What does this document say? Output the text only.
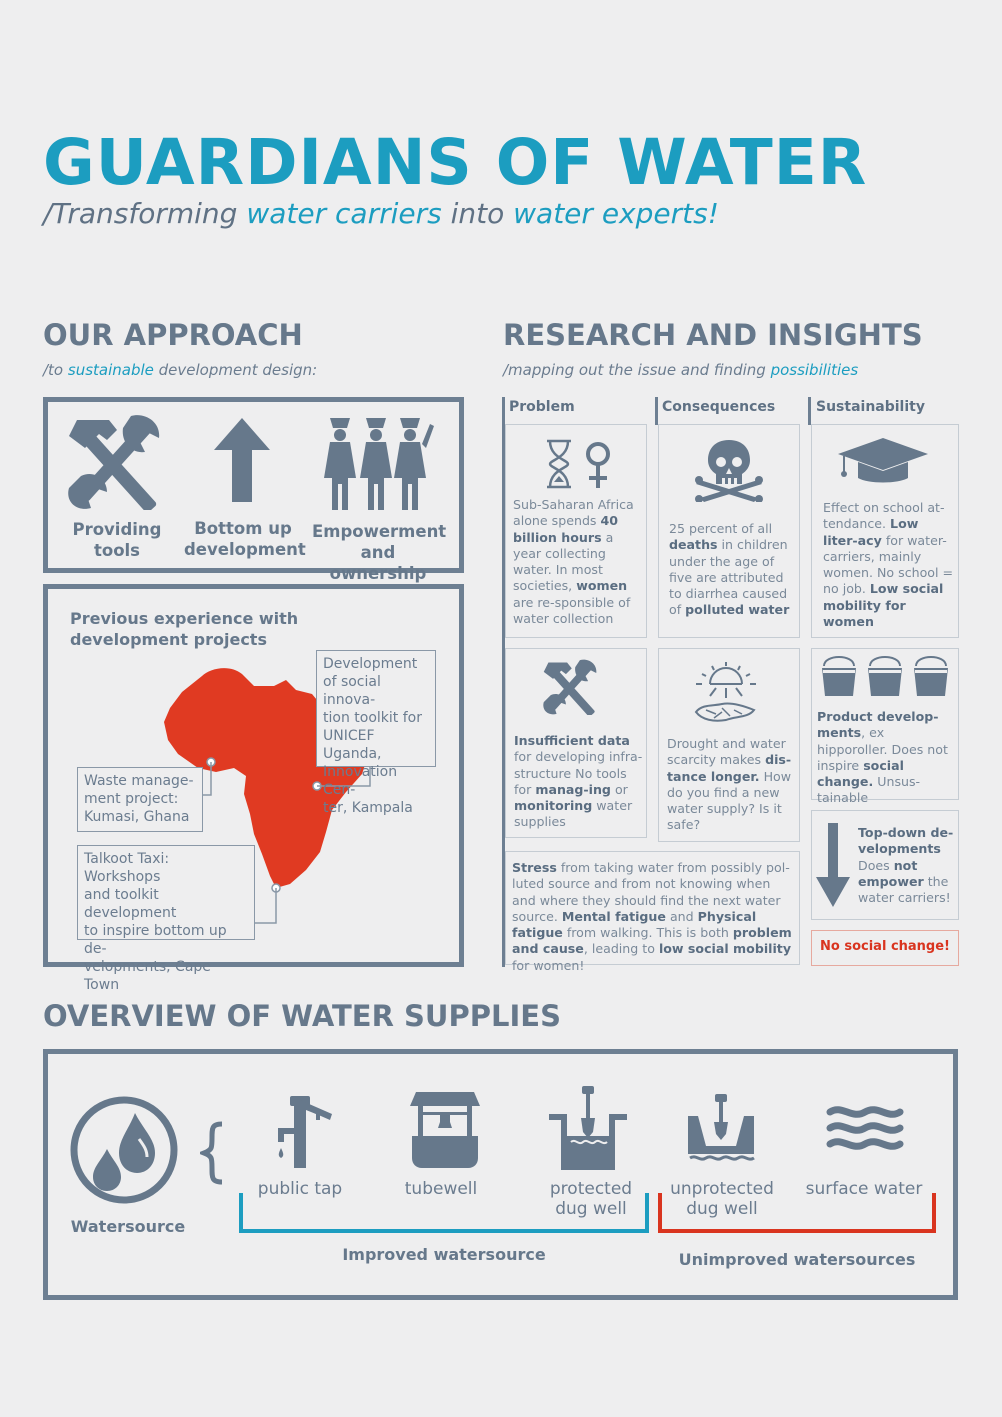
GUARDIANS OF WATER
/Transforming water carriers into water experts!
OUR APPROACH
/to sustainable development design:
Providing
tools
Bottom up
development
Empowerment
and ownership
Previous experience with
development projects
Development
of social innova-
tion toolkit for
UNICEF Uganda,
Innovation Cen-
ter, Kampala
Waste manage-
ment project:
Kumasi, Ghana
Talkoot Taxi: Workshops
and toolkit development
to inspire bottom up de-
velopments, Cape Town
RESEARCH AND INSIGHTS
/mapping out the issue and finding possibilities
Problem	Consequences	Sustainability
Sub-Saharan Africa alone spends 40 billion hours a year collecting water. In most societies, women are re-sponsible of water collection
25 percent of all deaths in children under the age of five are attributed to diarrhea caused of polluted water
Effect on school at-tendance. Low liter-acy for water-carriers, mainly women. No school = no job. Low social mobility for women
Insufficient data for developing infra-structure No tools for manag-ing or monitoring water supplies
Drought and water scarcity makes dis-tance longer. How do you find a new water supply? Is it safe?
Product develop-ments, ex hipporoller. Does not inspire social change. Unsus-tainable
Stress from taking water from possibly pol-luted source and from not knowing when and where they should find the next water source. Mental fatigue and Physical fatigue from walking. This is both problem and cause, leading to low social mobility for women!
Top-down de-velopments Does not empower the water carriers!
No social change!
OVERVIEW OF WATER SUPPLIES
Watersource
public tap	tubewell	protected
dug well
unprotected
dug well
surface water
Improved watersource	Unimproved watersources
